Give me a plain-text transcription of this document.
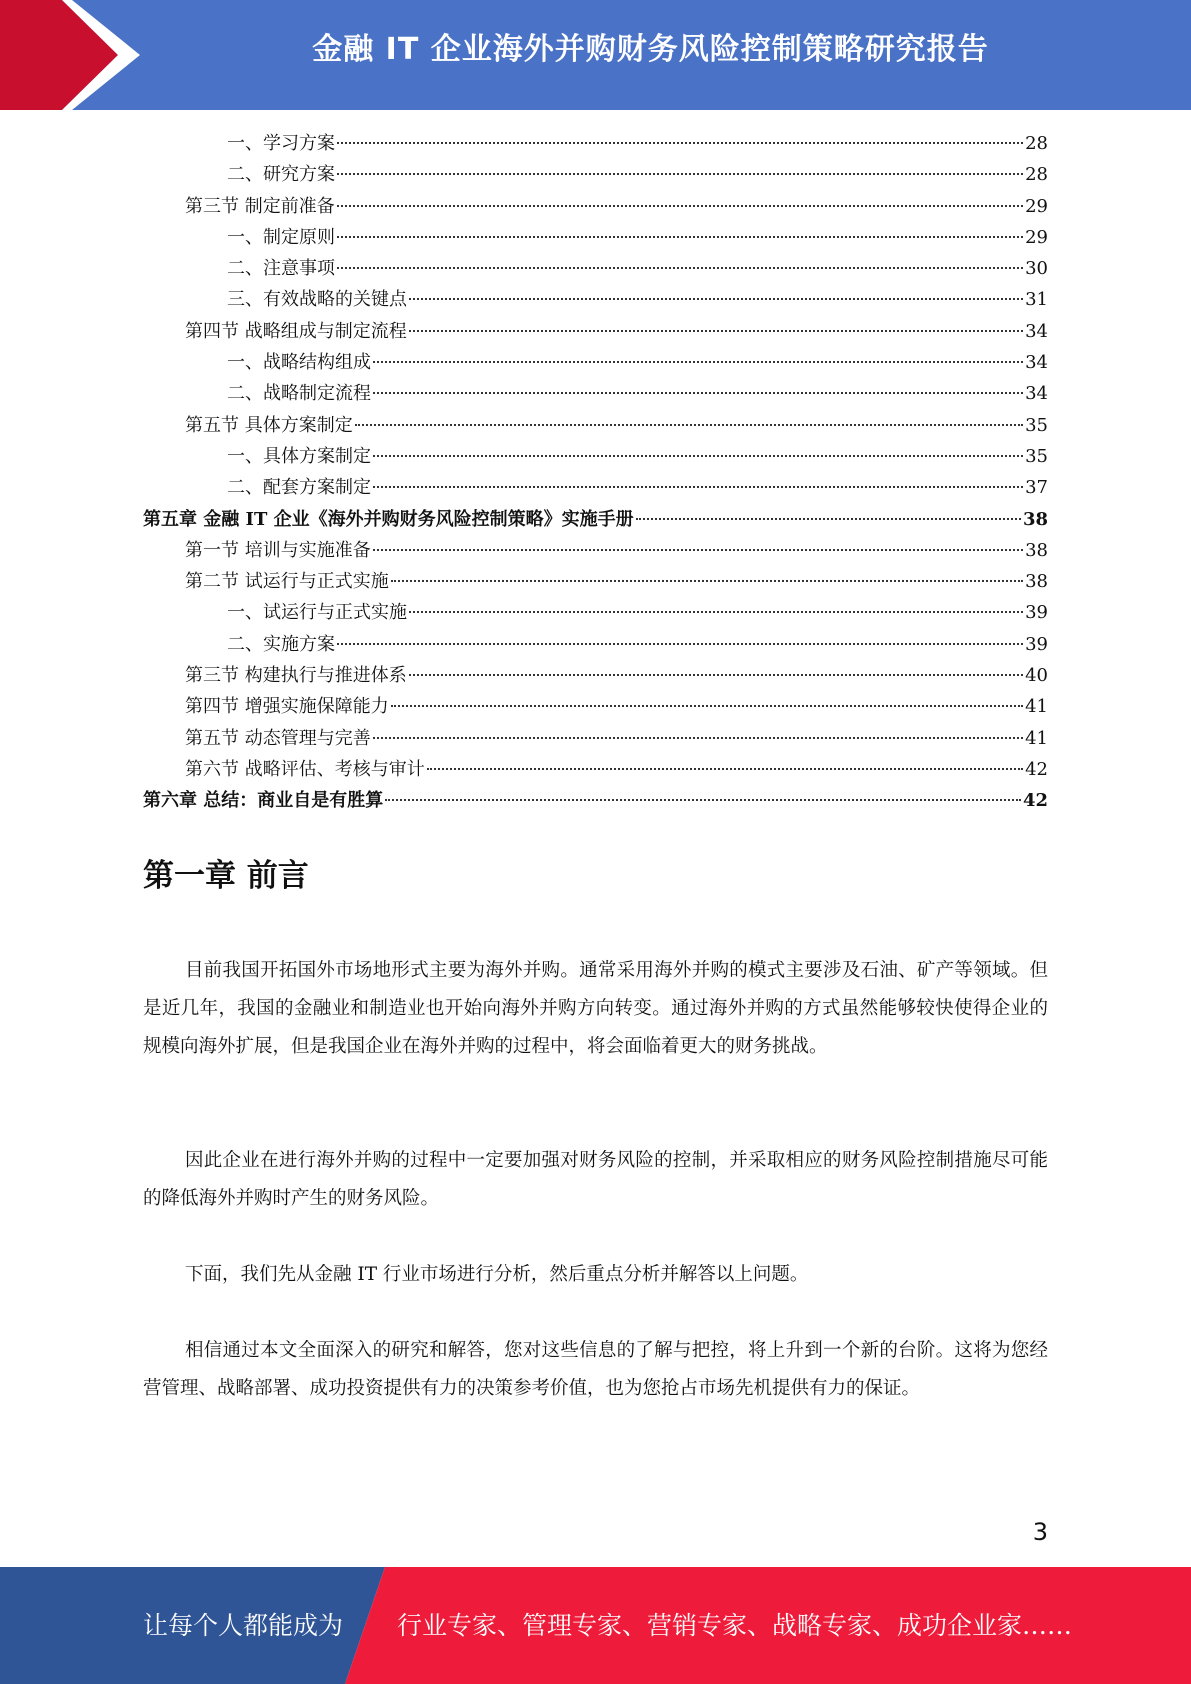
金融 IT 企业海外并购财务风险控制策略研究报告
一、学习方案	28
二、研究方案	28
第三节 制定前准备	29
一、制定原则	29
二、注意事项	30
三、有效战略的关键点	31
第四节 战略组成与制定流程	34
一、战略结构组成	34
二、战略制定流程	34
第五节 具体方案制定	35
一、具体方案制定	35
二、配套方案制定	37
第五章 金融 IT 企业《海外并购财务风险控制策略》实施手册	38
第一节 培训与实施准备	38
第二节 试运行与正式实施	38
一、试运行与正式实施	39
二、实施方案	39
第三节 构建执行与推进体系	40
第四节 增强实施保障能力	41
第五节 动态管理与完善	41
第六节 战略评估、考核与审计	42
第六章 总结：商业自是有胜算	42
第一章 前言

目前我国开拓国外市场地形式主要为海外并购。通常采用海外并购的模式主要涉及石油、矿产等领域。但是近几年，我国的金融业和制造业也开始向海外并购方向转变。通过海外并购的方式虽然能够较快使得企业的规模向海外扩展，但是我国企业在海外并购的过程中，将会面临着更大的财务挑战。

因此企业在进行海外并购的过程中一定要加强对财务风险的控制，并采取相应的财务风险控制措施尽可能的降低海外并购时产生的财务风险。

下面，我们先从金融 IT 行业市场进行分析，然后重点分析并解答以上问题。

相信通过本文全面深入的研究和解答，您对这些信息的了解与把控，将上升到一个新的台阶。这将为您经营管理、战略部署、成功投资提供有力的决策参考价值，也为您抢占市场先机提供有力的保证。

3
让每个人都能成为 行业专家、管理专家、营销专家、战略专家、成功企业家……
